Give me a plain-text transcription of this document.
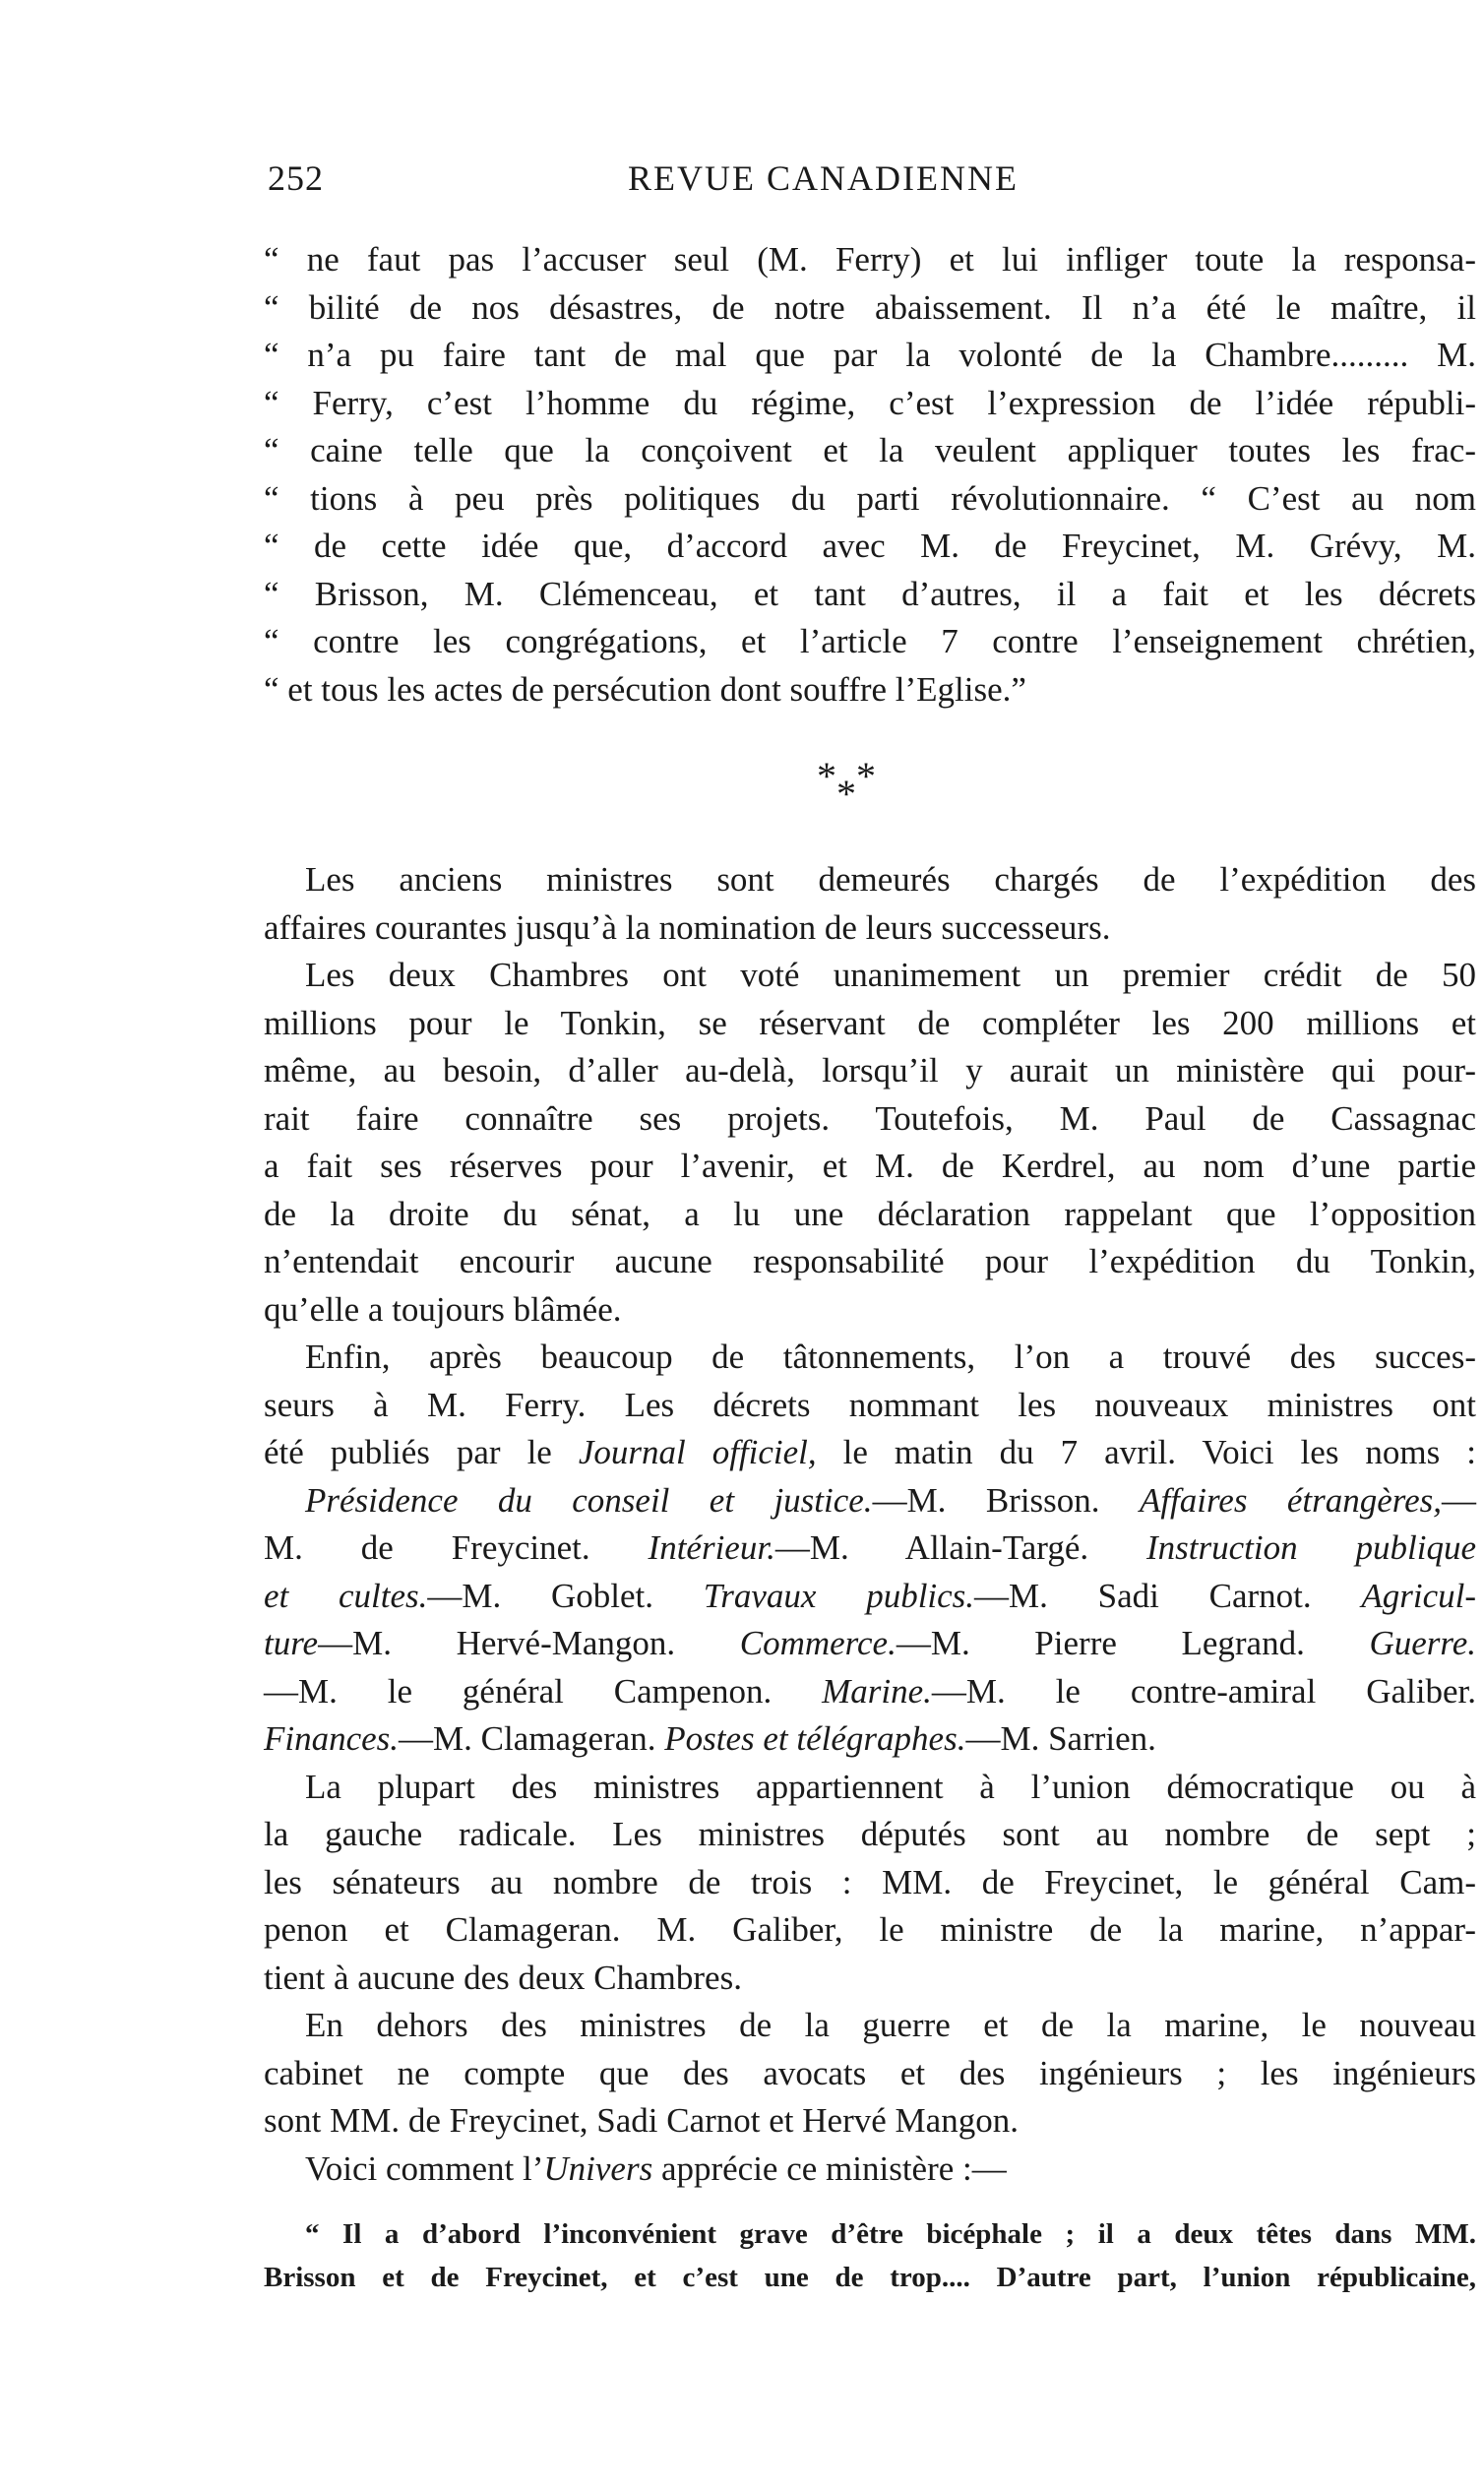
252	REVUE CANADIENNE
“ ne faut pas l’accuser seul (M. Ferry) et lui infliger toute la responsa-
“ bilité de nos désastres, de notre abaissement. Il n’a été le maître, il
“ n’a pu faire tant de mal que par la volonté de la Chambre......... M.
“ Ferry, c’est l’homme du régime, c’est l’expression de l’idée républi-
“ caine telle que la conçoivent et la veulent appliquer toutes les frac-
“ tions à peu près politiques du parti révolutionnaire. “ C’est au nom
“ de cette idée que, d’accord avec M. de Freycinet, M. Grévy, M.
“ Brisson, M. Clémenceau, et tant d’autres, il a fait et les décrets
“ contre les congrégations, et l’article 7 contre l’enseignement chrétien,
“ et tous les actes de persécution dont souffre l’Eglise.”
Les anciens ministres sont demeurés chargés de l’expédition des
affaires courantes jusqu’à la nomination de leurs successeurs.
Les deux Chambres ont voté unanimement un premier crédit de 50
millions pour le Tonkin, se réservant de compléter les 200 millions et
même, au besoin, d’aller au-delà, lorsqu’il y aurait un ministère qui pour-
rait faire connaître ses projets. Toutefois, M. Paul de Cassagnac
a fait ses réserves pour l’avenir, et M. de Kerdrel, au nom d’une partie
de la droite du sénat, a lu une déclaration rappelant que l’opposition
n’entendait encourir aucune responsabilité pour l’expédition du Tonkin,
qu’elle a toujours blâmée.
Enfin, après beaucoup de tâtonnements, l’on a trouvé des succes-
seurs à M. Ferry. Les décrets nommant les nouveaux ministres ont
été publiés par le Journal officiel, le matin du 7 avril. Voici les noms :
Présidence du conseil et justice.—M. Brisson. Affaires étrangères,—
M. de Freycinet. Intérieur.—M. Allain-Targé. Instruction publique
et cultes.—M. Goblet. Travaux publics.—M. Sadi Carnot. Agricul-
ture—M. Hervé-Mangon. Commerce.—M. Pierre Legrand. Guerre.
—M. le général Campenon. Marine.—M. le contre-amiral Galiber.
Finances.—M. Clamageran. Postes et télégraphes.—M. Sarrien.
La plupart des ministres appartiennent à l’union démocratique ou à
la gauche radicale. Les ministres députés sont au nombre de sept ;
les sénateurs au nombre de trois : MM. de Freycinet, le général Cam-
penon et Clamageran. M. Galiber, le ministre de la marine, n’appar-
tient à aucune des deux Chambres.
En dehors des ministres de la guerre et de la marine, le nouveau
cabinet ne compte que des avocats et des ingénieurs ; les ingénieurs
sont MM. de Freycinet, Sadi Carnot et Hervé Mangon.
Voici comment l’Univers apprécie ce ministère :—
* *
*
“ Il a d’abord l’inconvénient grave d’être bicéphale ; il a deux têtes dans MM.
Brisson et de Freycinet, et c’est une de trop.... D’autre part, l’union républicaine,
